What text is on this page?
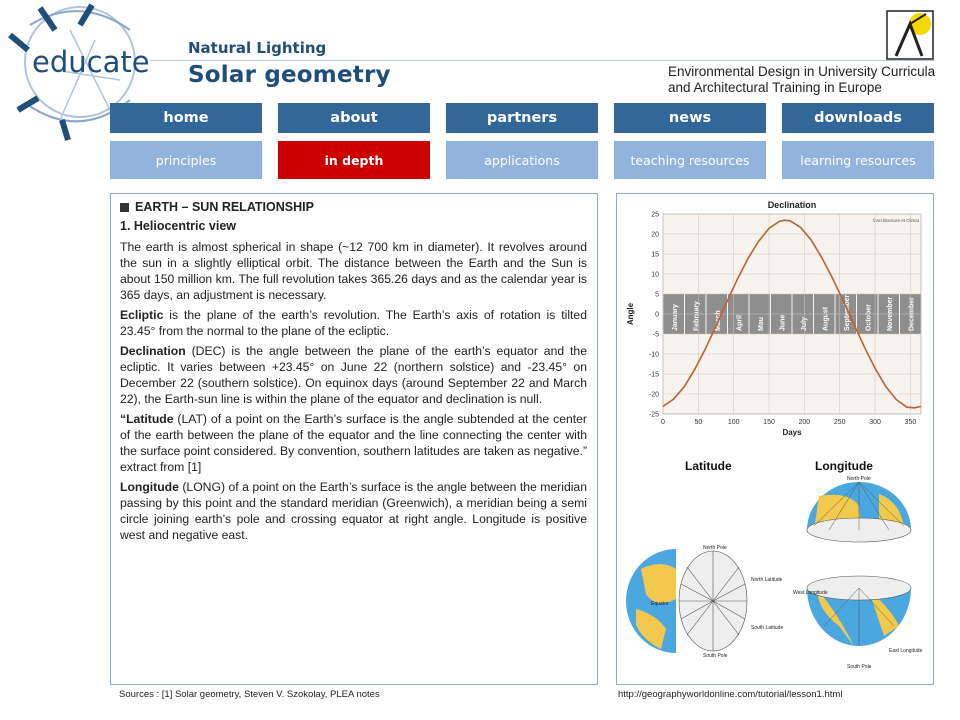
educate	Natural Lighting
Solar geometry	Environmental Design in University Curricula
and Architectural Training in Europe
home	about	partners	news	downloads
principles	in depth	applications	teaching resources	learning resources
EARTH – SUN RELATIONSHIP
1. Heliocentric view

The earth is almost spherical in shape (~12 700 km in diameter). It revolves around the sun in a slightly elliptical orbit. The distance between the Earth and the Sun is about 150 million km. The full revolution takes 365.26 days and as the calendar year is 365 days, an adjustment is necessary.

Ecliptic is the plane of the earth’s revolution. The Earth’s axis of rotation is tilted 23.45° from the normal to the plane of the ecliptic.

Declination (DEC) is the angle between the plane of the earth’s equator and the ecliptic. It varies between +23.45° on June 22 (northern solstice) and -23.45° on December 22 (southern solstice). On equinox days (around September 22 and March 22), the Earth-sun line is within the plane of the equator and declination is null.

“Latitude (LAT) of a point on the Earth’s surface is the angle subtended at the center of the earth between the plane of the equator and the line connecting the center with the surface point considered. By convention, southern latitudes are taken as negative.” extract from [1]

Longitude (LONG) of a point on the Earth’s surface is the angle between the meridian passing by this point and the standard meridian (Greenwich), a meridian being a semi circle joining earth’s pole and crossing equator at right angle. Longitude is positive west and negative east.

January February March April Mau June July August September October November December
25
20
15
10
5
0
-5
-10
-15
-20
-25
0	50	100	150	200	250	300	350
Declination
©Architecture et Climat
Days
Angle
Latitude	Longitude
North Pole
South Pole
Equator
North Latitude
South Latitude
North Pole
West Longitude
East Longitude
South Pole
Sources : [1] Solar geometry, Steven V. Szokolay, PLEA notes	http://geographyworldonline.com/tutorial/lesson1.html
